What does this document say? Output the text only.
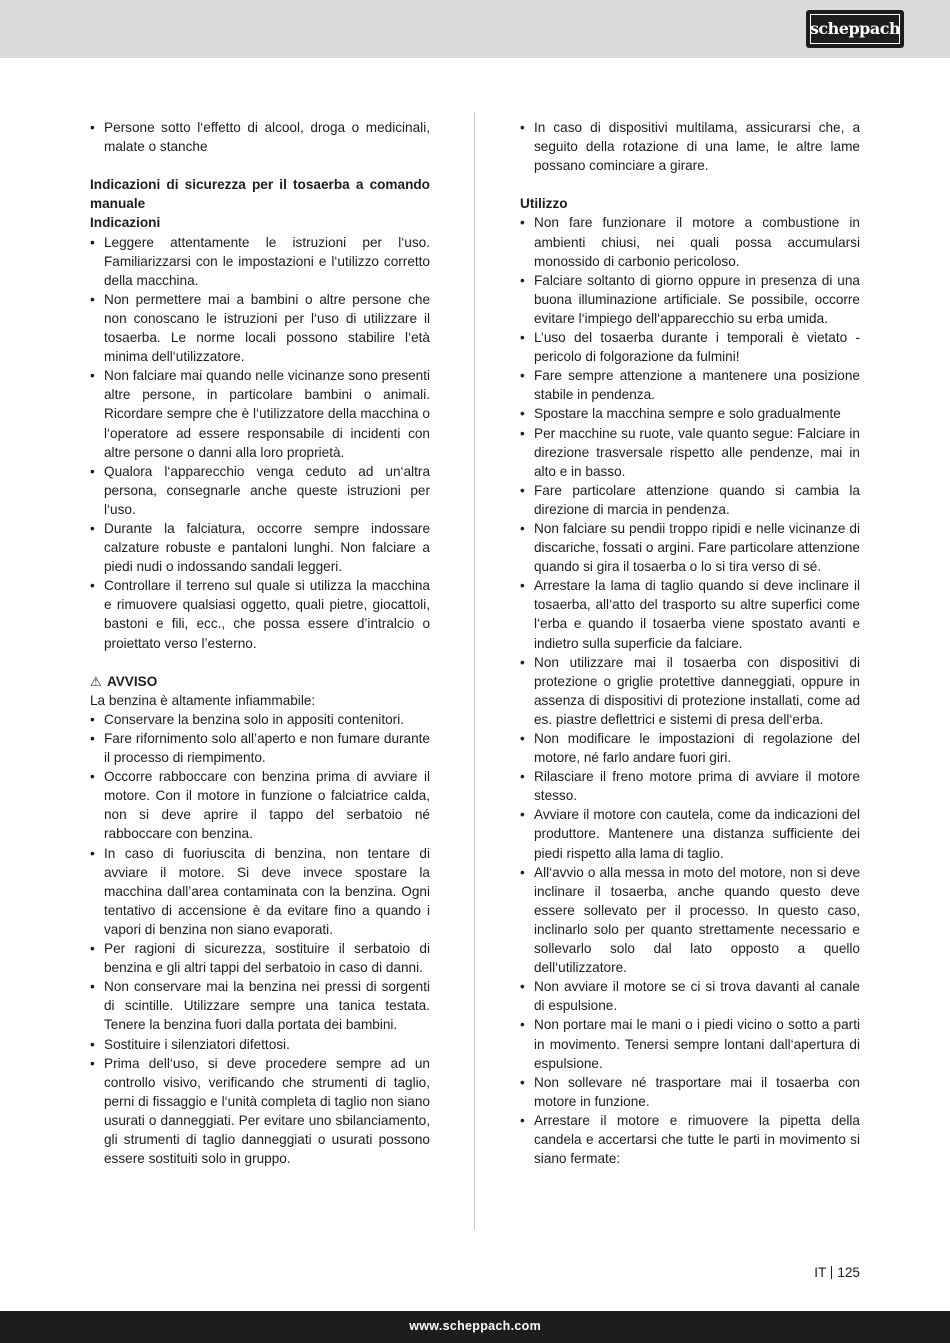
scheppach
• Persone sotto l‘effetto di alcool, droga o medicinali, malate o stanche
Indicazioni di sicurezza per il tosaerba a comando manuale
Indicazioni
• Leggere attentamente le istruzioni per l‘uso. Familiarizzarsi con le impostazioni e l‘utilizzo corretto della macchina.
• Non permettere mai a bambini o altre persone che non conoscano le istruzioni per l‘uso di utilizzare il tosaerba. Le norme locali possono stabilire l‘età minima dell‘utilizzatore.
• Non falciare mai quando nelle vicinanze sono presenti altre persone, in particolare bambini o animali. Ricordare sempre che è l‘utilizzatore della macchina o l‘operatore ad essere responsabile di incidenti con altre persone o danni alla loro proprietà.
• Qualora l‘apparecchio venga ceduto ad un‘altra persona, consegnarle anche queste istruzioni per l‘uso.
• Durante la falciatura, occorre sempre indossare calzature robuste e pantaloni lunghi. Non falciare a piedi nudi o indossando sandali leggeri.
• Controllare il terreno sul quale si utilizza la macchina e rimuovere qualsiasi oggetto, quali pietre, giocattoli, bastoni e fili, ecc., che possa essere d’intralcio o proiettato verso l’esterno.
⚠ AVVISO
La benzina è altamente infiammabile:
• Conservare la benzina solo in appositi contenitori.
• Fare rifornimento solo all’aperto e non fumare durante il processo di riempimento.
• Occorre rabboccare con benzina prima di avviare il motore. Con il motore in funzione o falciatrice calda, non si deve aprire il tappo del serbatoio né rabboccare con benzina.
• In caso di fuoriuscita di benzina, non tentare di avviare il motore. Si deve invece spostare la macchina dall’area contaminata con la benzina. Ogni tentativo di accensione è da evitare fino a quando i vapori di benzina non siano evaporati.
• Per ragioni di sicurezza, sostituire il serbatoio di benzina e gli altri tappi del serbatoio in caso di danni.
• Non conservare mai la benzina nei pressi di sorgenti di scintille. Utilizzare sempre una tanica testata. Tenere la benzina fuori dalla portata dei bambini.
• Sostituire i silenziatori difettosi.
• Prima dell‘uso, si deve procedere sempre ad un controllo visivo, verificando che strumenti di taglio, perni di fissaggio e l‘unità completa di taglio non siano usurati o danneggiati. Per evitare uno sbilanciamento, gli strumenti di taglio danneggiati o usurati possono essere sostituiti solo in gruppo.
• In caso di dispositivi multilama, assicurarsi che, a seguito della rotazione di una lame, le altre lame possano cominciare a girare.
Utilizzo
• Non fare funzionare il motore a combustione in ambienti chiusi, nei quali possa accumularsi monossido di carbonio pericoloso.
• Falciare soltanto di giorno oppure in presenza di una buona illuminazione artificiale. Se possibile, occorre evitare l‘impiego dell‘apparecchio su erba umida.
• L’uso del tosaerba durante i temporali è vietato - pericolo di folgorazione da fulmini!
• Fare sempre attenzione a mantenere una posizione stabile in pendenza.
• Spostare la macchina sempre e solo gradualmente
• Per macchine su ruote, vale quanto segue: Falciare in direzione trasversale rispetto alle pendenze, mai in alto e in basso.
• Fare particolare attenzione quando si cambia la direzione di marcia in pendenza.
• Non falciare su pendii troppo ripidi e nelle vicinanze di discariche, fossati o argini. Fare particolare attenzione quando si gira il tosaerba o lo si tira verso di sé.
• Arrestare la lama di taglio quando si deve inclinare il tosaerba, all‘atto del trasporto su altre superfici come l‘erba e quando il tosaerba viene spostato avanti e indietro sulla superficie da falciare.
• Non utilizzare mai il tosaerba con dispositivi di protezione o griglie protettive danneggiati, oppure in assenza di dispositivi di protezione installati, come ad es. piastre deflettrici e sistemi di presa dell‘erba.
• Non modificare le impostazioni di regolazione del motore, né farlo andare fuori giri.
• Rilasciare il freno motore prima di avviare il motore stesso.
• Avviare il motore con cautela, come da indicazioni del produttore. Mantenere una distanza sufficiente dei piedi rispetto alla lama di taglio.
• All‘avvio o alla messa in moto del motore, non si deve inclinare il tosaerba, anche quando questo deve essere sollevato per il processo. In questo caso, inclinarlo solo per quanto strettamente necessario e sollevarlo solo dal lato opposto a quello dell‘utilizzatore.
• Non avviare il motore se ci si trova davanti al canale di espulsione.
• Non portare mai le mani o i piedi vicino o sotto a parti in movimento. Tenersi sempre lontani dall‘apertura di espulsione.
• Non sollevare né trasportare mai il tosaerba con motore in funzione.
• Arrestare il motore e rimuovere la pipetta della candela e accertarsi che tutte le parti in movimento si siano fermate:
IT 125
www.scheppach.com
